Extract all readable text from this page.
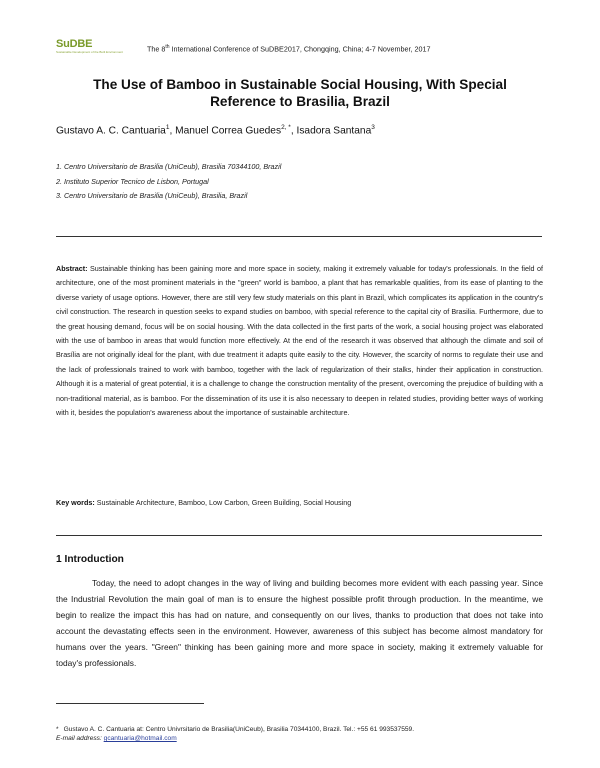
SuDBE
Sustainable Development of the Built Environment	The 8th International Conference of SuDBE2017, Chongqing, China; 4-7 November, 2017
The Use of Bamboo in Sustainable Social Housing, With Special
Reference to Brasilia, Brazil
Gustavo A. C. Cantuaria$^1$, Manuel Correa Guedes$^{2, *}$, Isadora Santana$^3$
1. Centro Universitario de Brasilia (UniCeub), Brasilia 70344100, Brazil
2. Instituto Superior Tecnico de Lisbon, Portugal
3. Centro Universitario de Brasilia (UniCeub), Brasilia, Brazil
Abstract: Sustainable thinking has been gaining more and more space in society, making it extremely valuable for today's professionals. In the field of architecture, one of the most prominent materials in the "green" world is bamboo, a plant that has remarkable qualities, from its ease of planting to the diverse variety of usage options. However, there are still very few study materials on this plant in Brazil, which complicates its application in the country's civil construction. The research in question seeks to expand studies on bamboo, with special reference to the capital city of Brasilia. Furthermore, due to the great housing demand, focus will be on social housing. With the data collected in the first parts of the work, a social housing project was elaborated with the use of bamboo in areas that would function more effectively. At the end of the research it was observed that although the climate and soil of Brasília are not originally ideal for the plant, with due treatment it adapts quite easily to the city. However, the scarcity of norms to regulate their use and the lack of professionals trained to work with bamboo, together with the lack of regularization of their stalks, hinder their application in construction. Although it is a material of great potential, it is a challenge to change the construction mentality of the present, overcoming the prejudice of building with a non-traditional material, as is bamboo. For the dissemination of its use it is also necessary to deepen in related studies, providing better ways of working with it, besides the population's awareness about the importance of sustainable architecture.
Key words: Sustainable Architecture, Bamboo, Low Carbon, Green Building, Social Housing
1 Introduction
Today, the need to adopt changes in the way of living and building becomes more evident with each passing year. Since the Industrial Revolution the main goal of man is to ensure the highest possible profit through production. In the meantime, we begin to realize the impact this has had on nature, and consequently on our lives, thanks to production that does not take into account the devastating effects seen in the environment. However, awareness of this subject has become almost mandatory for humans over the years. "Green" thinking has been gaining more and more space in society, making it extremely valuable for today's professionals.
* Gustavo A. C. Cantuaria at: Centro Univrsitario de Brasilia(UniCeub), Brasilia 70344100, Brazil. Tel.: +55 61 993537559.
E-mail address: gcantuaria@hotmail.com
